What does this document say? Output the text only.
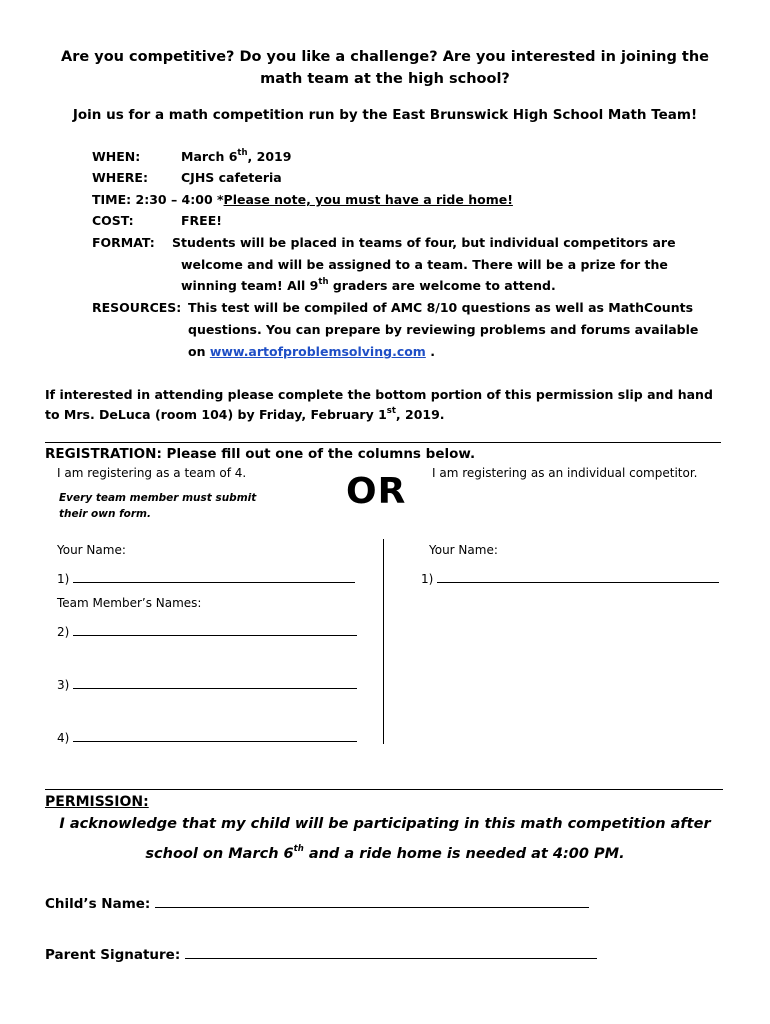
Are you competitive? Do you like a challenge? Are you interested in joining the
math team at the high school?
Join us for a math competition run by the East Brunswick High School Math Team!
WHEN:	March 6th, 2019
WHERE:	CJHS cafeteria
TIME: 2:30 – 4:00 *Please note, you must have a ride home!
COST:	FREE!
FORMAT: Students will be placed in teams of four, but individual competitors are
welcome and will be assigned to a team. There will be a prize for the
winning team! All 9th graders are welcome to attend.
RESOURCES: This test will be compiled of AMC 8/10 questions as well as MathCounts
questions. You can prepare by reviewing problems and forums available
on www.artofproblemsolving.com .
If interested in attending please complete the bottom portion of this permission slip and hand
to Mrs. DeLuca (room 104) by Friday, February 1st, 2019.
REGISTRATION: Please fill out one of the columns below.
I am registering as a team of 4.
Every team member must submit
their own form.
OR I am registering as an individual competitor.
Your Name:	Your Name:
1)	1)
Team Member’s Names:
2)
3)
4)
PERMISSION:
I acknowledge that my child will be participating in this math competition after
school on March 6th and a ride home is needed at 4:00 PM.
Child’s Name:
Parent Signature:
